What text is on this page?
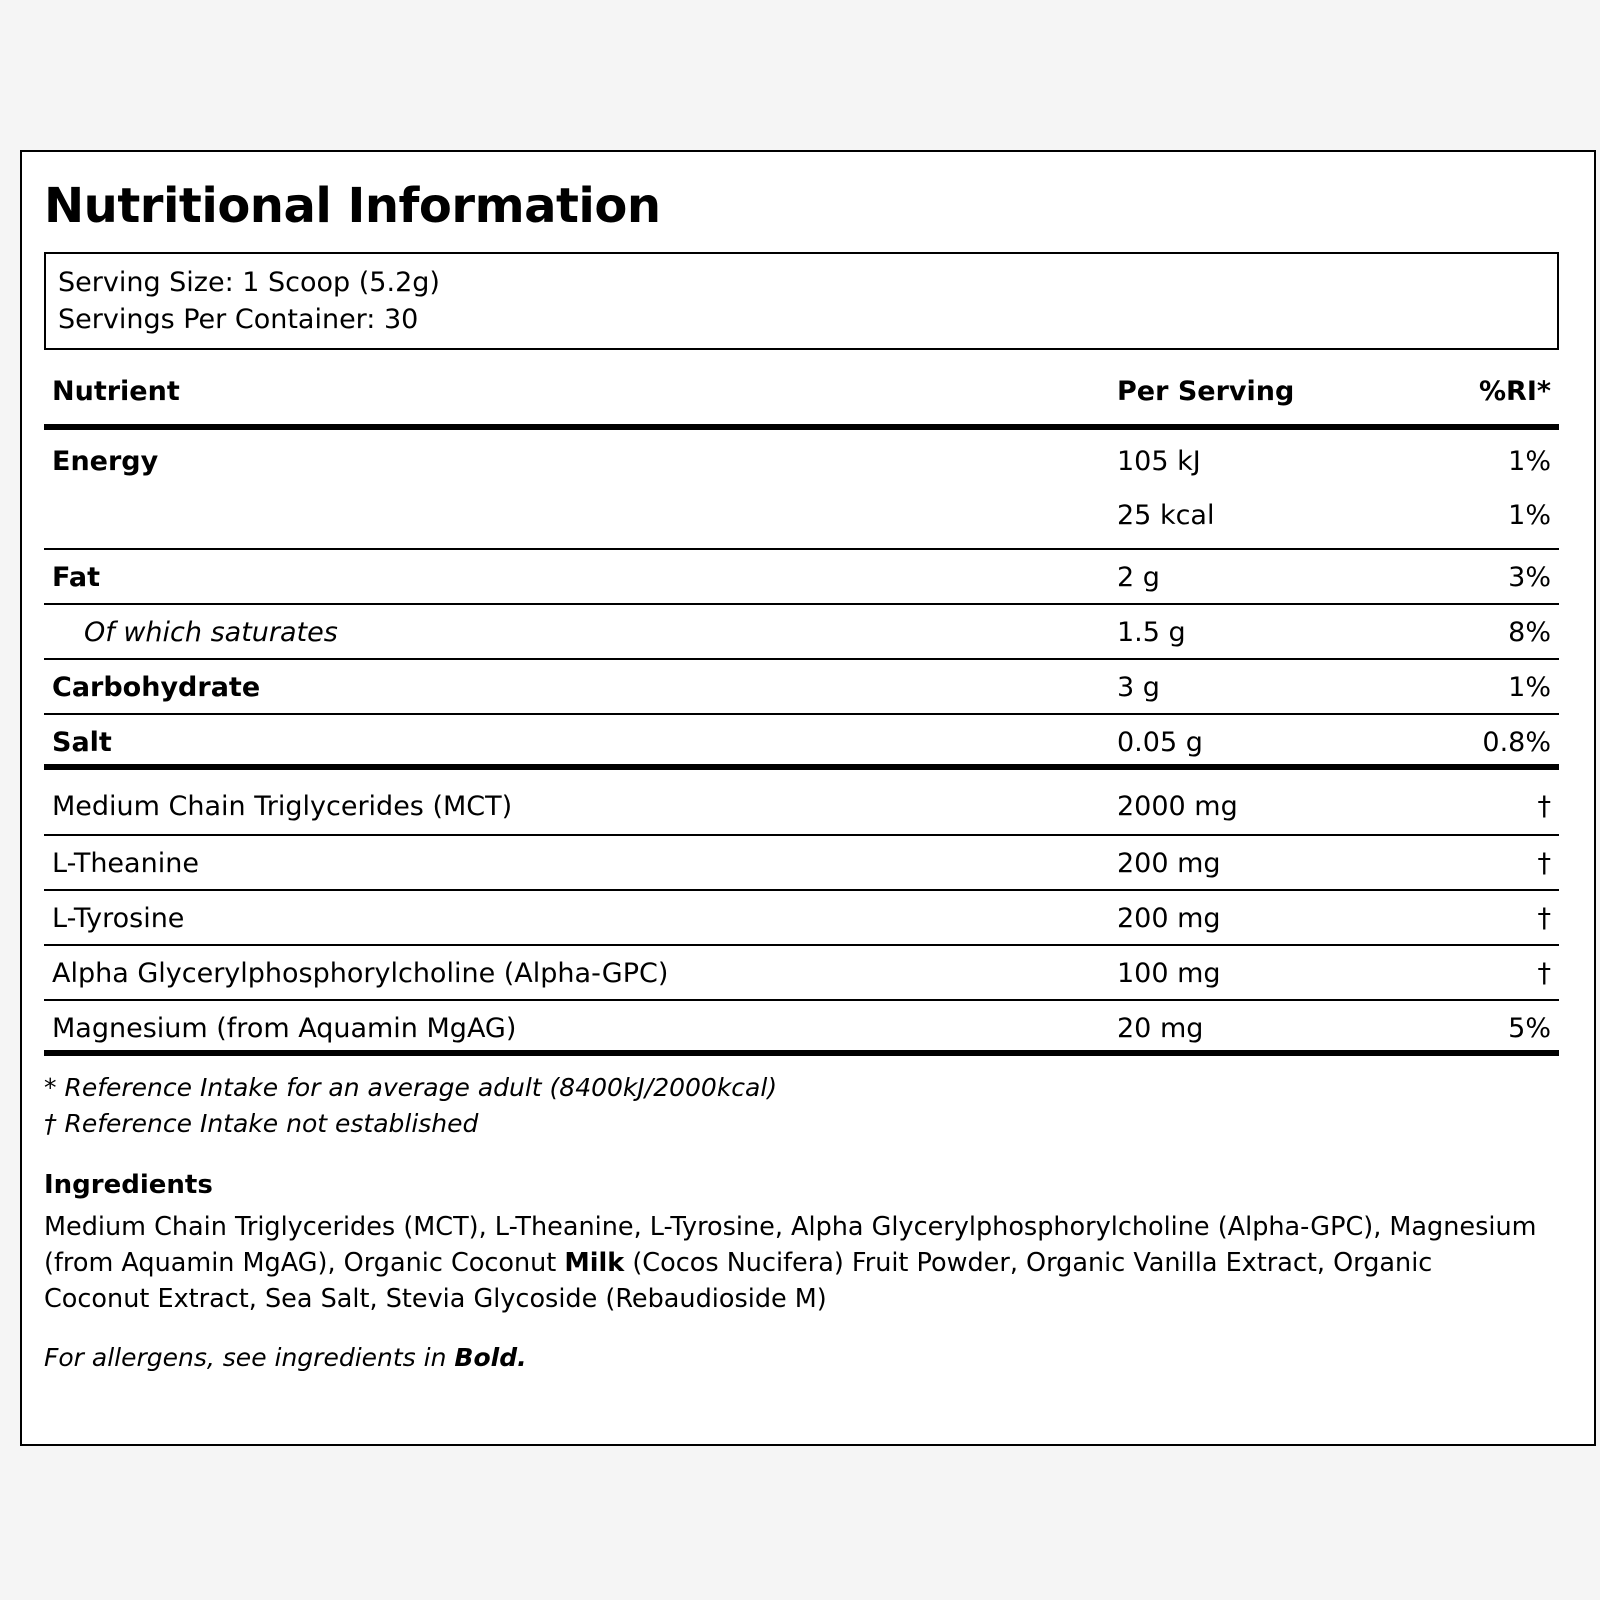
Nutritional Information
Serving Size: 1 Scoop (5.2g)
Servings Per Container: 30
Nutrient	Per Serving	%RI*
Energy	105 kJ	1%
25 kcal	1%
Fat	2 g	3%
Of which saturates	1.5 g	8%
Carbohydrate	3 g	1%
Salt	0.05 g	0.8%
Medium Chain Triglycerides (MCT)	2000 mg	†
L-Theanine	200 mg	†
L-Tyrosine	200 mg	†
Alpha Glycerylphosphorylcholine (Alpha-GPC)	100 mg	†
Magnesium (from Aquamin MgAG)	20 mg	5%
* Reference Intake for an average adult (8400kJ/2000kcal)
† Reference Intake not established
Ingredients
Medium Chain Triglycerides (MCT), L-Theanine, L-Tyrosine, Alpha Glycerylphosphorylcholine (Alpha-GPC), Magnesium (from Aquamin MgAG), Organic Coconut Milk (Cocos Nucifera) Fruit Powder, Organic Vanilla Extract, Organic Coconut Extract, Sea Salt, Stevia Glycoside (Rebaudioside M)
For allergens, see ingredients in Bold.
